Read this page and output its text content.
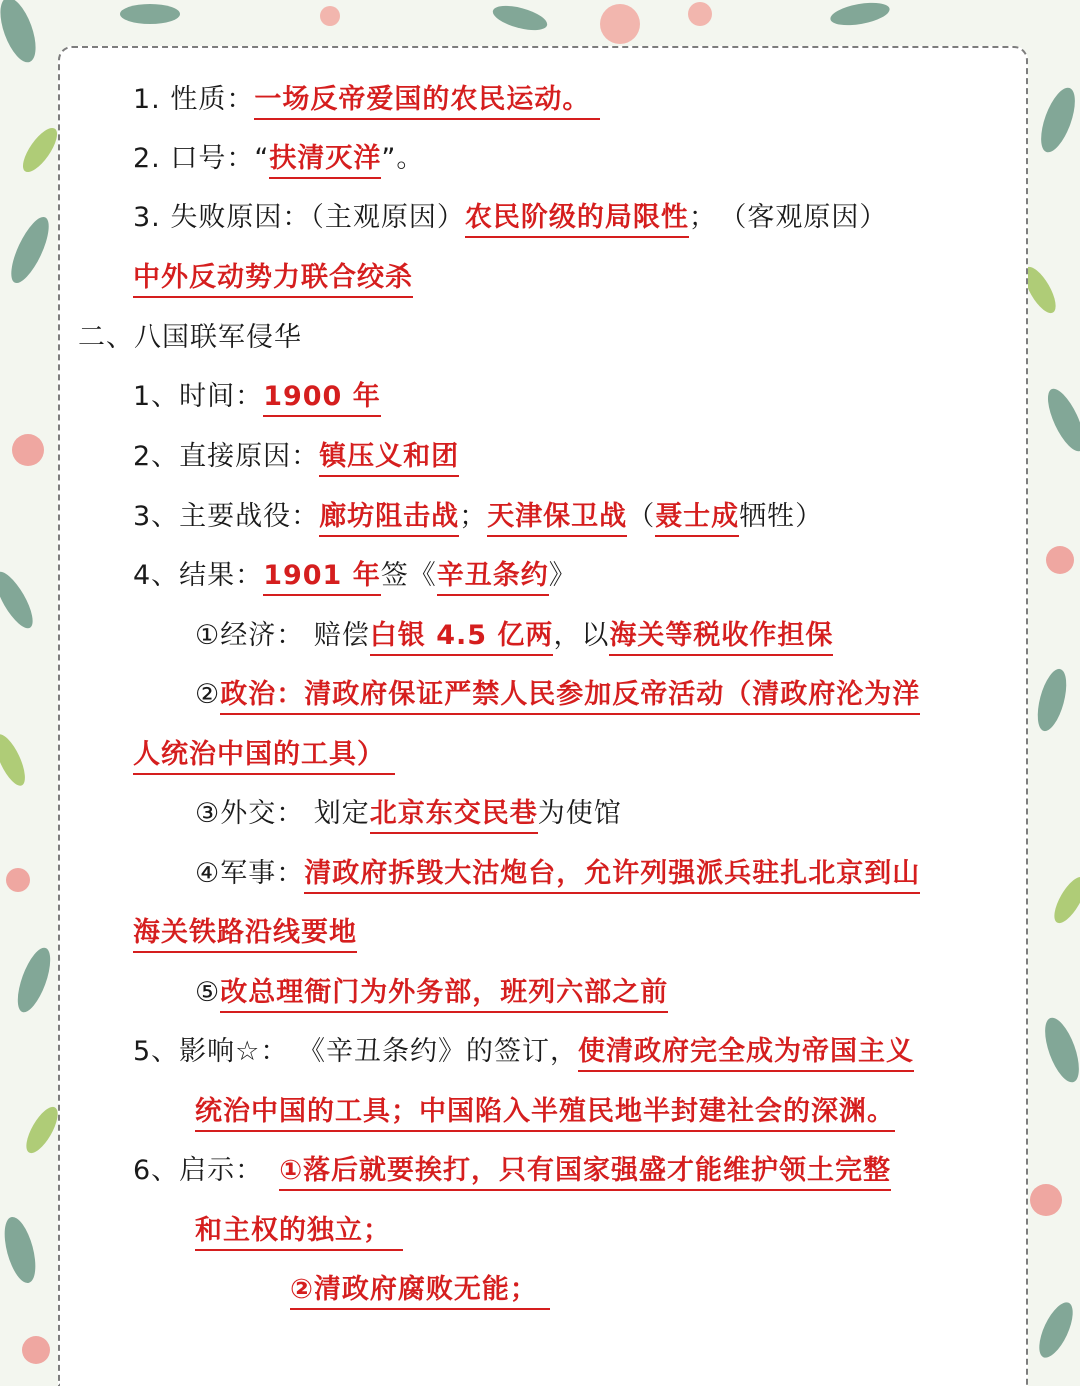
1. 性质：一场反帝爱国的农民运动。
2. 口号：“扶清灭洋”。
3. 失败原因：（主观原因）农民阶级的局限性； （客观原因）
中外反动势力联合绞杀
二、八国联军侵华
1、时间：1900 年
2、直接原因：镇压义和团
3、主要战役：廊坊阻击战；天津保卫战（聂士成牺牲）
4、结果：1901 年签《辛丑条约》
①经济： 赔偿白银 4.5 亿两，以海关等税收作担保
②政治：清政府保证严禁人民参加反帝活动（清政府沦为洋
人统治中国的工具）
③外交： 划定北京东交民巷为使馆
④军事：清政府拆毁大沽炮台，允许列强派兵驻扎北京到山
海关铁路沿线要地
⑤改总理衙门为外务部，班列六部之前
5、影响☆： 《辛丑条约》的签订，使清政府完全成为帝国主义
统治中国的工具；中国陷入半殖民地半封建社会的深渊。
6、启示： ①落后就要挨打，只有国家强盛才能维护领土完整
和主权的独立；
②清政府腐败无能；
